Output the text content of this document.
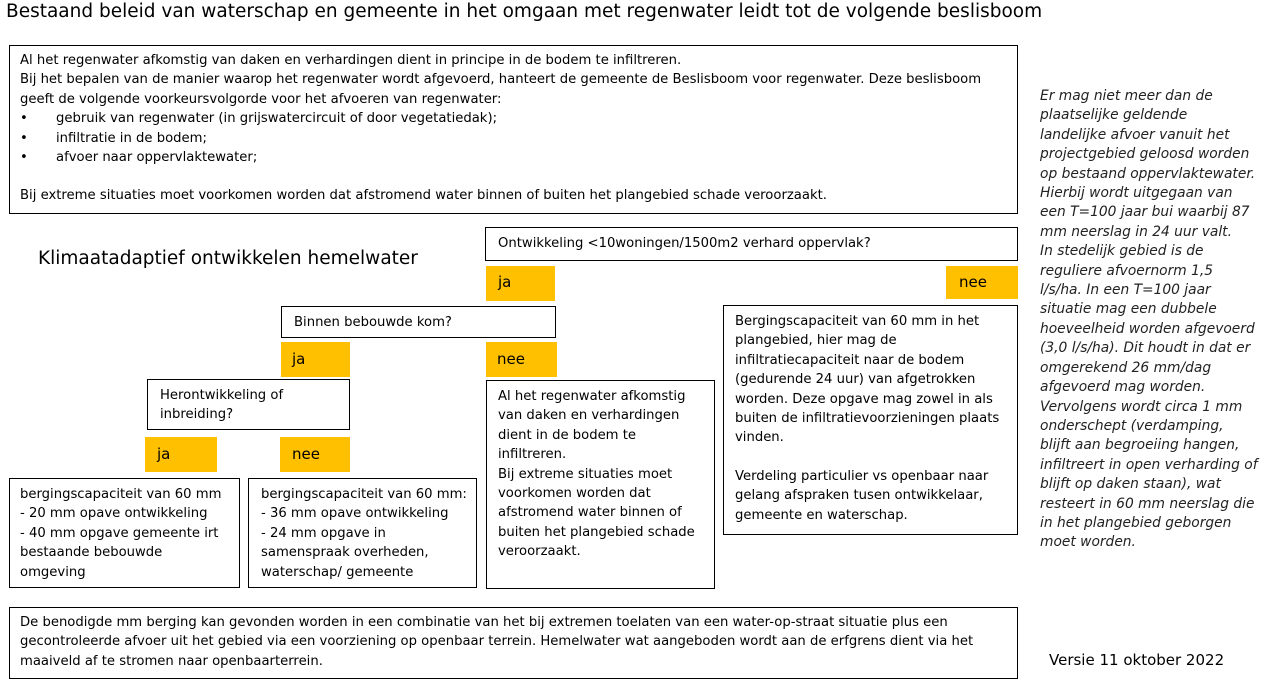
Bestaand beleid van waterschap en gemeente in het omgaan met regenwater leidt tot de volgende beslisboom
Al het regenwater afkomstig van daken en verhardingen dient in principe in de bodem te infiltreren.
Bij het bepalen van de manier waarop het regenwater wordt afgevoerd, hanteert de gemeente de Beslisboom voor regenwater. Deze beslisboom
geeft de volgende voorkeursvolgorde voor het afvoeren van regenwater:
•	gebruik van regenwater (in grijswatercircuit of door vegetatiedak);
•	infiltratie in de bodem;
•	afvoer naar oppervlaktewater;
Bij extreme situaties moet voorkomen worden dat afstromend water binnen of buiten het plangebied schade veroorzaakt.
Klimaatadaptief ontwikkelen hemelwater
Ontwikkeling <10woningen/1500m2 verhard oppervlak?
ja	nee
Binnen bebouwde kom?
ja	nee
Herontwikkeling of
inbreiding?
ja	nee
bergingscapaciteit van 60 mm
- 20 mm opave ontwikkeling
- 40 mm opgave gemeente irt
bestaande bebouwde
omgeving
bergingscapaciteit van 60 mm:
- 36 mm opave ontwikkeling
- 24 mm opgave in
samenspraak overheden,
waterschap/ gemeente
Al het regenwater afkomstig
van daken en verhardingen
dient in de bodem te
infiltreren.
Bij extreme situaties moet
voorkomen worden dat
afstromend water binnen of
buiten het plangebied schade
veroorzaakt.
Bergingscapaciteit van 60 mm in het
plangebied, hier mag de
infiltratiecapaciteit naar de bodem
(gedurende 24 uur) van afgetrokken
worden. Deze opgave mag zowel in als
buiten de infiltratievoorzieningen plaats
vinden.
Verdeling particulier vs openbaar naar
gelang afspraken tusen ontwikkelaar,
gemeente en waterschap.
De benodigde mm berging kan gevonden worden in een combinatie van het bij extremen toelaten van een water-op-straat situatie plus een
gecontroleerde afvoer uit het gebied via een voorziening op openbaar terrein. Hemelwater wat aangeboden wordt aan de erfgrens dient via het
maaiveld af te stromen naar openbaarterrein.
Er mag niet meer dan de
plaatselijke geldende
landelijke afvoer vanuit het
projectgebied geloosd worden
op bestaand oppervlaktewater.
Hierbij wordt uitgegaan van
een T=100 jaar bui waarbij 87
mm neerslag in 24 uur valt.
In stedelijk gebied is de
reguliere afvoernorm 1,5
l/s/ha. In een T=100 jaar
situatie mag een dubbele
hoeveelheid worden afgevoerd
(3,0 l/s/ha). Dit houdt in dat er
omgerekend 26 mm/dag
afgevoerd mag worden.
Vervolgens wordt circa 1 mm
onderschept (verdamping,
blijft aan begroeiing hangen,
infiltreert in open verharding of
blijft op daken staan), wat
resteert in 60 mm neerslag die
in het plangebied geborgen
moet worden.
Versie 11 oktober 2022
